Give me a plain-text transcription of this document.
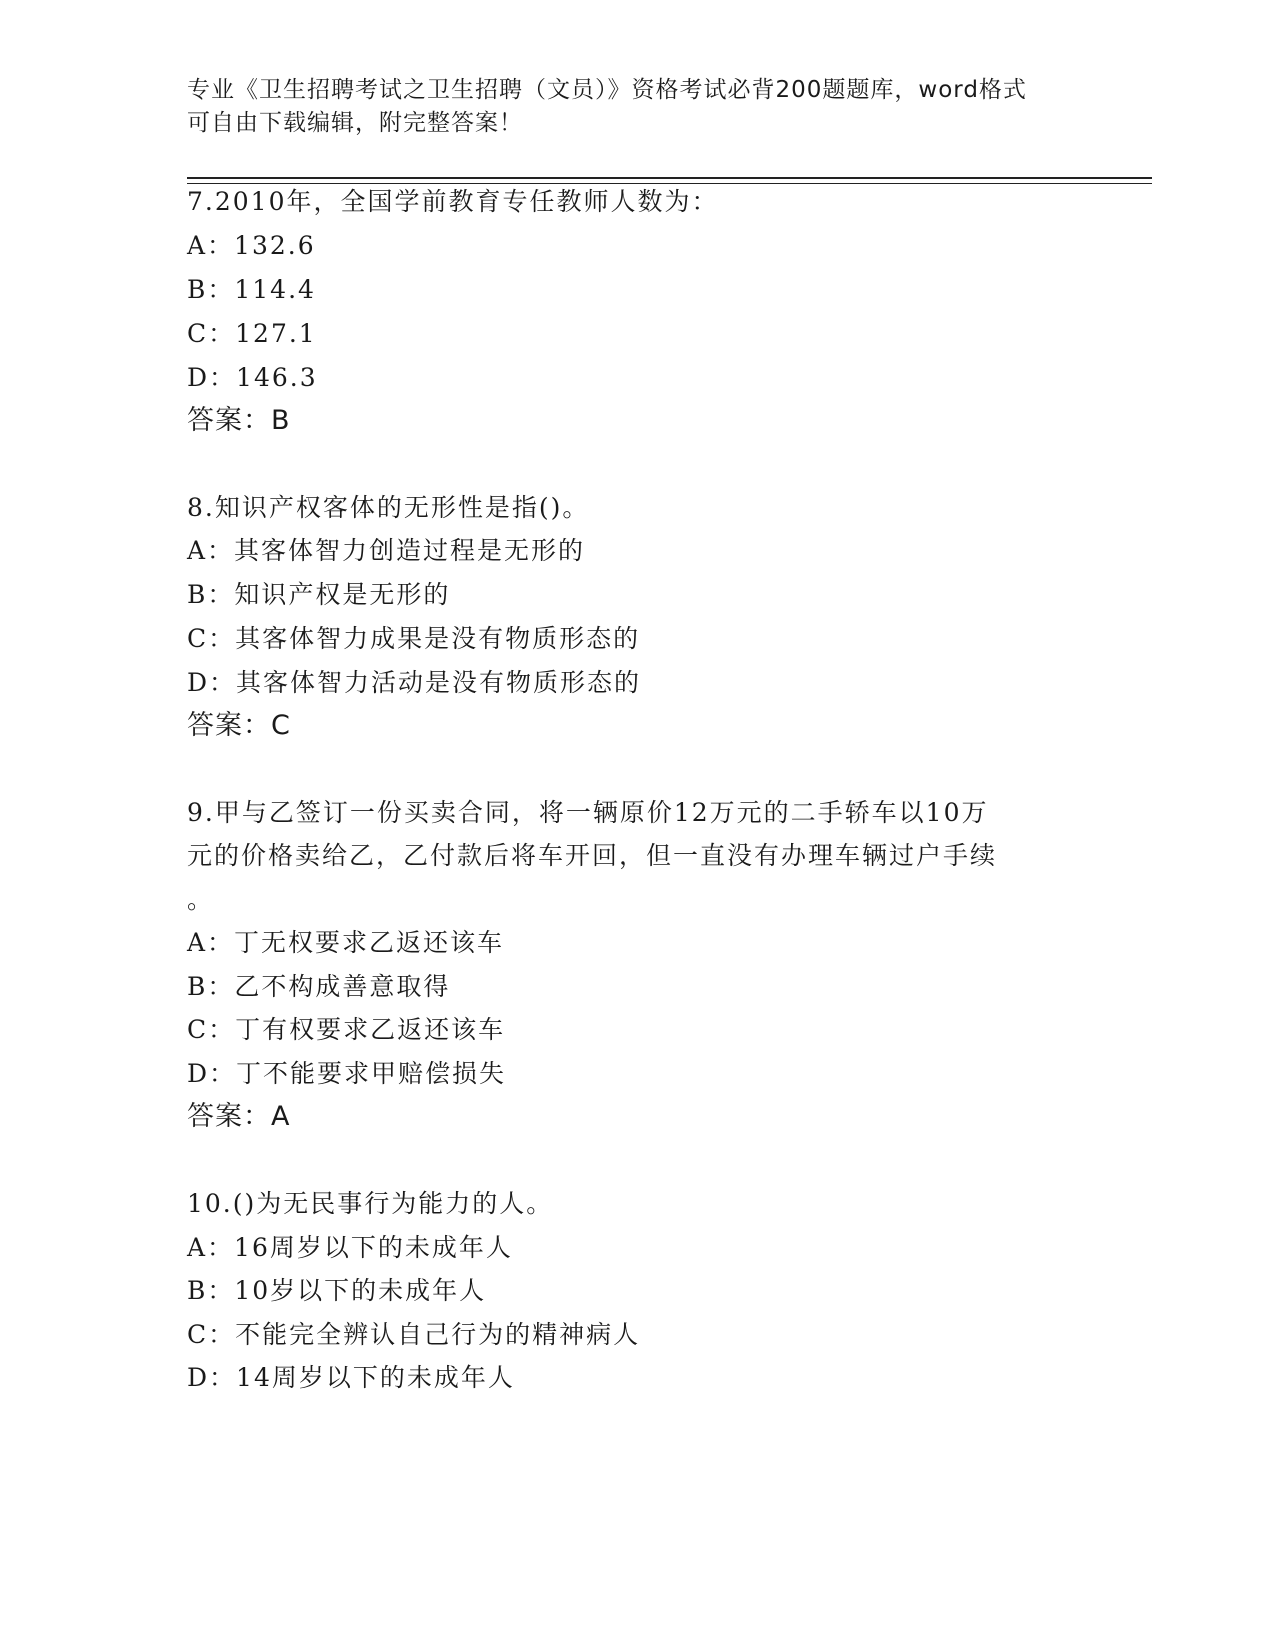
专业《卫生招聘考试之卫生招聘（文员）》资格考试必背200题题库，word格式
可自由下载编辑，附完整答案！
7.2010年，全国学前教育专任教师人数为：
A：132.6
B：114.4
C：127.1
D：146.3
答案：B
8.知识产权客体的无形性是指()。
A：其客体智力创造过程是无形的
B：知识产权是无形的
C：其客体智力成果是没有物质形态的
D：其客体智力活动是没有物质形态的
答案：C
9.甲与乙签订一份买卖合同，将一辆原价12万元的二手轿车以10万
元的价格卖给乙，乙付款后将车开回，但一直没有办理车辆过户手续
。
A：丁无权要求乙返还该车
B：乙不构成善意取得
C：丁有权要求乙返还该车
D：丁不能要求甲赔偿损失
答案：A
10.()为无民事行为能力的人。
A：16周岁以下的未成年人
B：10岁以下的未成年人
C：不能完全辨认自己行为的精神病人
D：14周岁以下的未成年人
